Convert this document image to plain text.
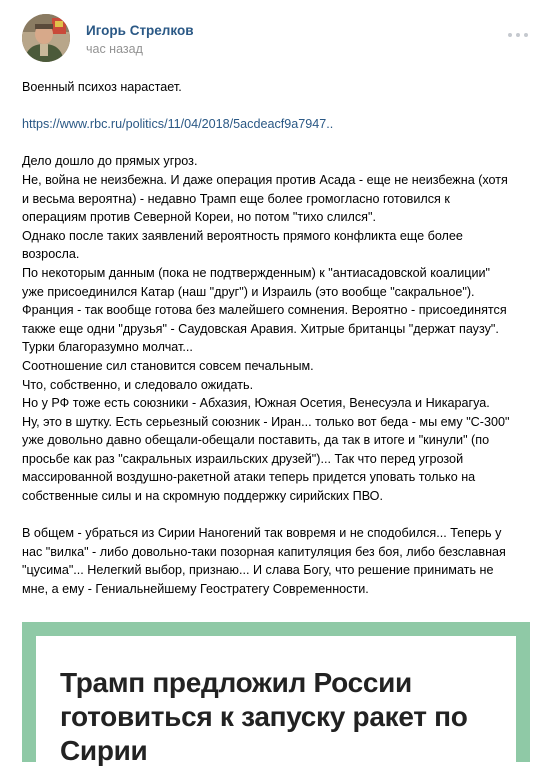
Игорь Стрелков
час назад
Военный психоз нарастает.
https://www.rbc.ru/politics/11/04/2018/5acdeacf9a7947..
Дело дошло до прямых угроз.
Не, война не неизбежна. И даже операция против Асада - еще не неизбежна (хотя
и весьма вероятна) - недавно Трамп еще более громогласно готовился к
операциям против Северной Кореи, но потом "тихо слился".
Однако после таких заявлений вероятность прямого конфликта еще более
возросла.
По некоторым данным (пока не подтвержденным) к "антиасадовской коалиции"
уже присоединился Катар (наш "друг") и Израиль (это вообще "сакральное").
Франция - так вообще готова без малейшего сомнения. Вероятно - присоединятся
также еще одни "друзья" - Саудовская Аравия. Хитрые британцы "держат паузу".
Турки благоразумно молчат...
Соотношение сил становится совсем печальным.
Что, собственно, и следовало ожидать.
Но у РФ тоже есть союзники - Абхазия, Южная Осетия, Венесуэла и Никарагуа.
Ну, это в шутку. Есть серьезный союзник - Иран... только вот беда - мы ему "С-300"
уже довольно давно обещали-обещали поставить, да так в итоге и "кинули" (по
просьбе как раз "сакральных израильских друзей")... Так что перед угрозой
массированной воздушно-ракетной атаки теперь придется уповать только на
собственные силы и на скромную поддержку сирийских ПВО.
В общем - убраться из Сирии Наногений так вовремя и не сподобился... Теперь у
нас "вилка" - либо довольно-таки позорная капитуляция без боя, либо безславная
"цусима"... Нелегкий выбор, признаю... И слава Богу, что решение принимать не
мне, а ему - Гениальнейшему Геостратегу Современности.
Трамп предложил России готовиться к запуску ракет по Сирии
